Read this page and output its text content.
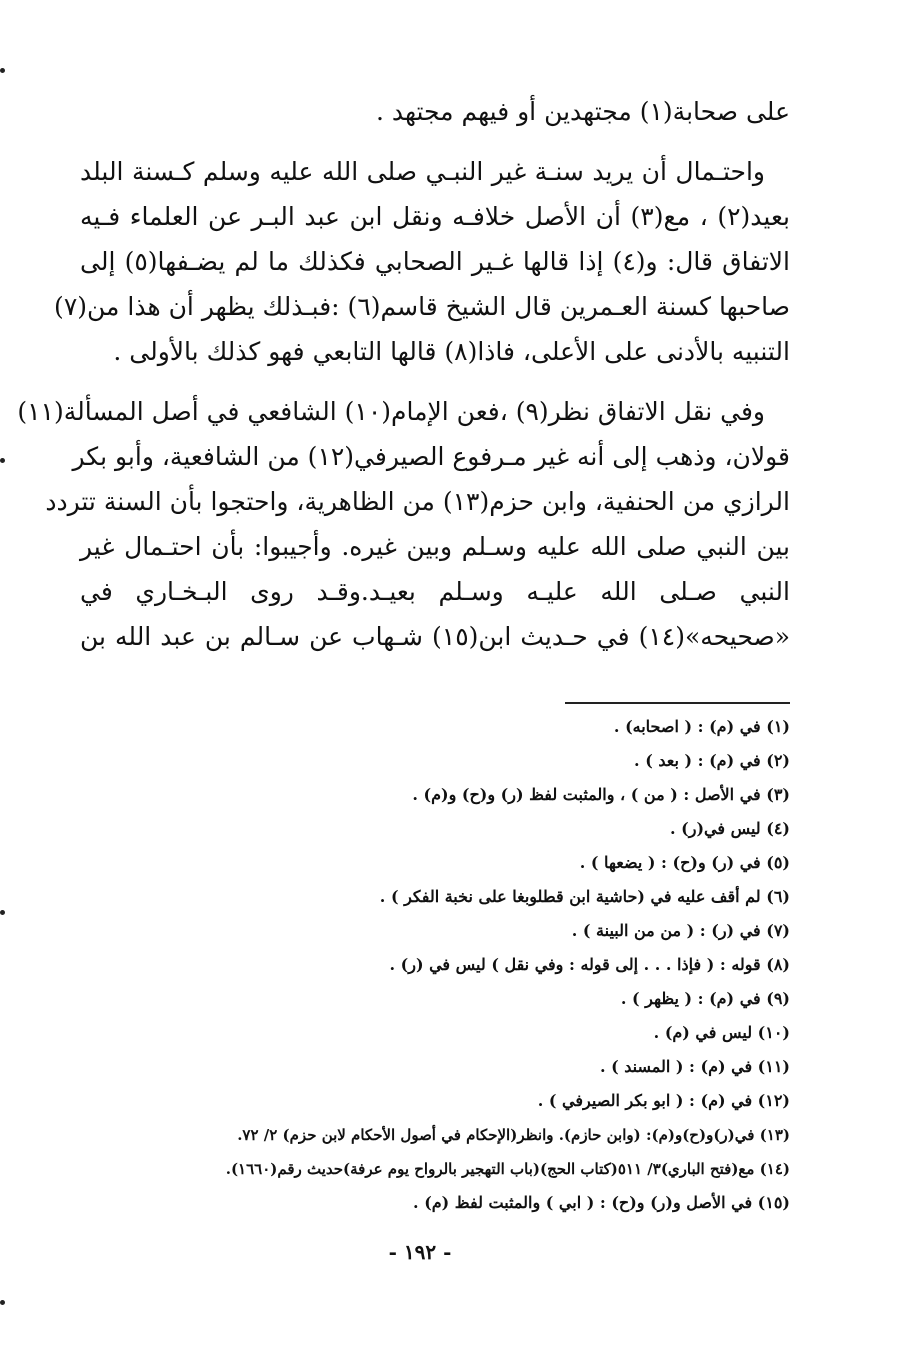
على صحابة(١) مجتهدين أو فيهم مجتهد .
واحتـمال أن يريد سنـة غير النبـي صلى الله عليه وسلم كـسنة البلد
بعيد(٢) ، مع(٣) أن الأصل خلافـه ونقل ابن عبد البـر عن العلماء فـيه
الاتفاق قال: و(٤) إذا قالها غـير الصحابي فكذلك ما لم يضـفها(٥) إلى
صاحبها كسنة العـمرين قال الشيخ قاسم(٦) :فبـذلك يظهر أن هذا من(٧)
التنبيه بالأدنى على الأعلى، فاذا(٨) قالها التابعي فهو كذلك بالأولى .
وفي نقل الاتفاق نظر(٩) ،فعن الإمام(١٠) الشافعي في أصل المسألة(١١)
قولان، وذهب إلى أنه غير مـرفوع الصيرفي(١٢) من الشافعية، وأبو بكر
الرازي من الحنفية، وابن حزم(١٣) من الظاهرية، واحتجوا بأن السنة تتردد
بين النبي صلى الله عليه وسـلم وبين غيره. وأجيبوا: بأن احتـمال غير
النبي صـلى الله عليـه وسـلم بعيـد.وقـد روى البـخـاري في
«صحيحه»(١٤) في حـديث ابن(١٥) شـهاب عن سـالم بن عبد الله بن
(١) في (م) : ( اصحابه) .
(٢) في (م) : ( بعد ) .
(٣) في الأصل : ( من ) ، والمثبت لفظ (ر) و(ح) و(م) .
(٤) ليس في(ر) .
(٥) في (ر) و(ح) : ( يضعها ) .
(٦) لم أقف عليه في (حاشية ابن قطلوبغا على نخبة الفكر ) .
(٧) في (ر) : ( من من البينة ) .
(٨) قوله : ( فإذا . . . إلى قوله : وفي نقل ) ليس في (ر) .
(٩) في (م) : ( يظهر ) .
(١٠) ليس في (م) .
(١١) في (م) : ( المسند ) .
(١٢) في (م) : ( ابو بكر الصيرفي ) .
(١٣) في(ر)و(ح)و(م): (وابن حازم). وانظر(الإحكام في أصول الأحكام لابن حزم) ٢/ ٧٢.
(١٤) مع(فتح الباري)٣/ ٥١١(كتاب الحج)(باب التهجير بالرواح يوم عرفة)حديث رقم(١٦٦٠).
(١٥) في الأصل و(ر) و(ح) : ( ابي ) والمثبت لفظ (م) .
- ١٩٢ -
